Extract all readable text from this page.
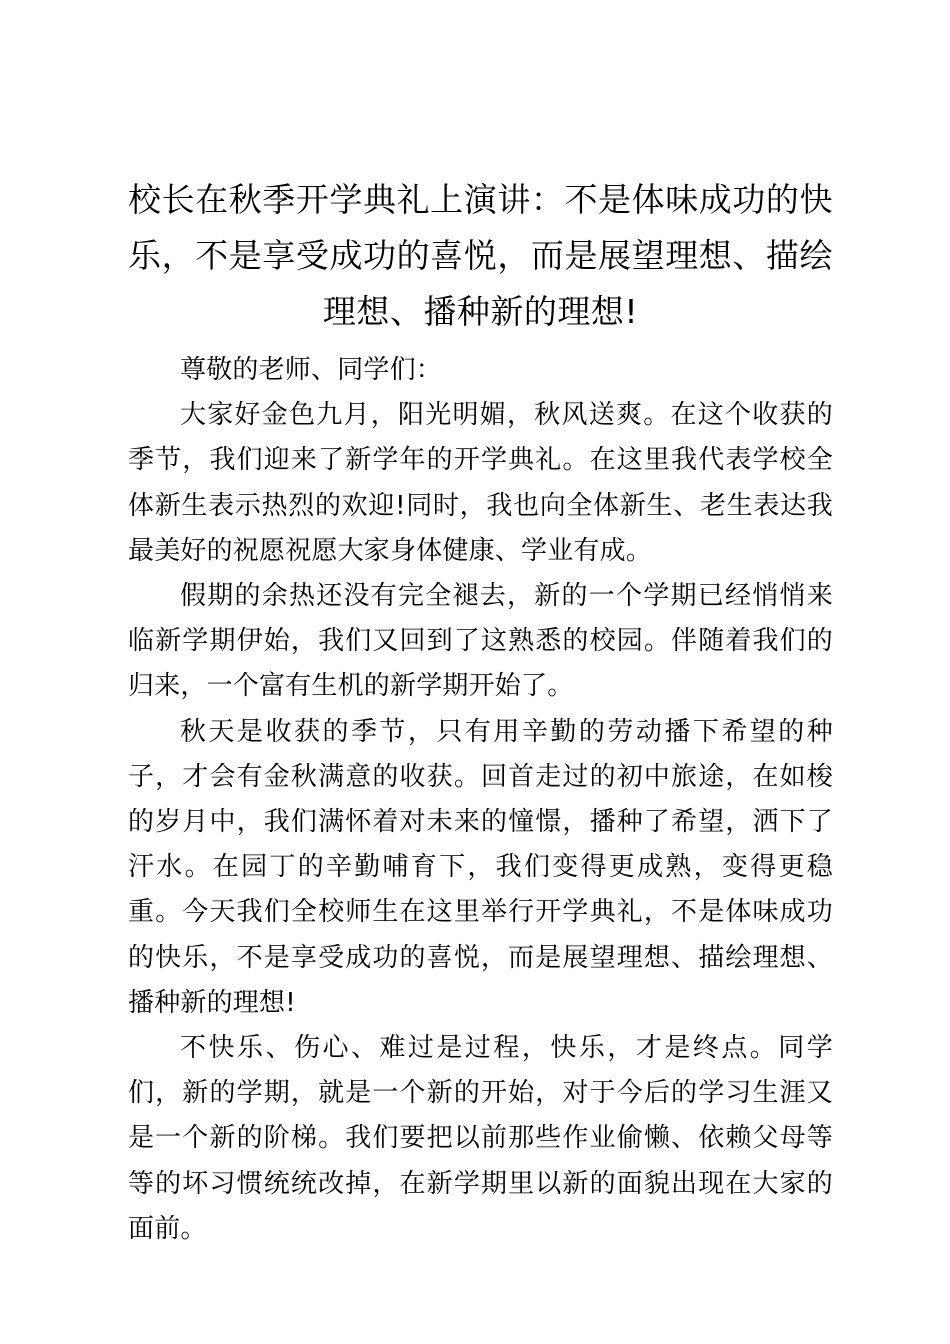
校长在秋季开学典礼上演讲：不是体味成功的快乐，不是享受成功的喜悦，而是展望理想、描绘理想、播种新的理想!

尊敬的老师、同学们：

大家好金色九月，阳光明媚，秋风送爽。在这个收获的季节，我们迎来了新学年的开学典礼。在这里我代表学校全体新生表示热烈的欢迎!同时，我也向全体新生、老生表达我最美好的祝愿祝愿大家身体健康、学业有成。

假期的余热还没有完全褪去，新的一个学期已经悄悄来临新学期伊始，我们又回到了这熟悉的校园。伴随着我们的归来，一个富有生机的新学期开始了。

秋天是收获的季节，只有用辛勤的劳动播下希望的种子，才会有金秋满意的收获。回首走过的初中旅途，在如梭的岁月中，我们满怀着对未来的憧憬，播种了希望，洒下了汗水。在园丁的辛勤哺育下，我们变得更成熟，变得更稳重。今天我们全校师生在这里举行开学典礼，不是体味成功的快乐，不是享受成功的喜悦，而是展望理想、描绘理想、播种新的理想!

不快乐、伤心、难过是过程，快乐，才是终点。同学们，新的学期，就是一个新的开始，对于今后的学习生涯又是一个新的阶梯。我们要把以前那些作业偷懒、依赖父母等等的坏习惯统统改掉，在新学期里以新的面貌出现在大家的面前。
